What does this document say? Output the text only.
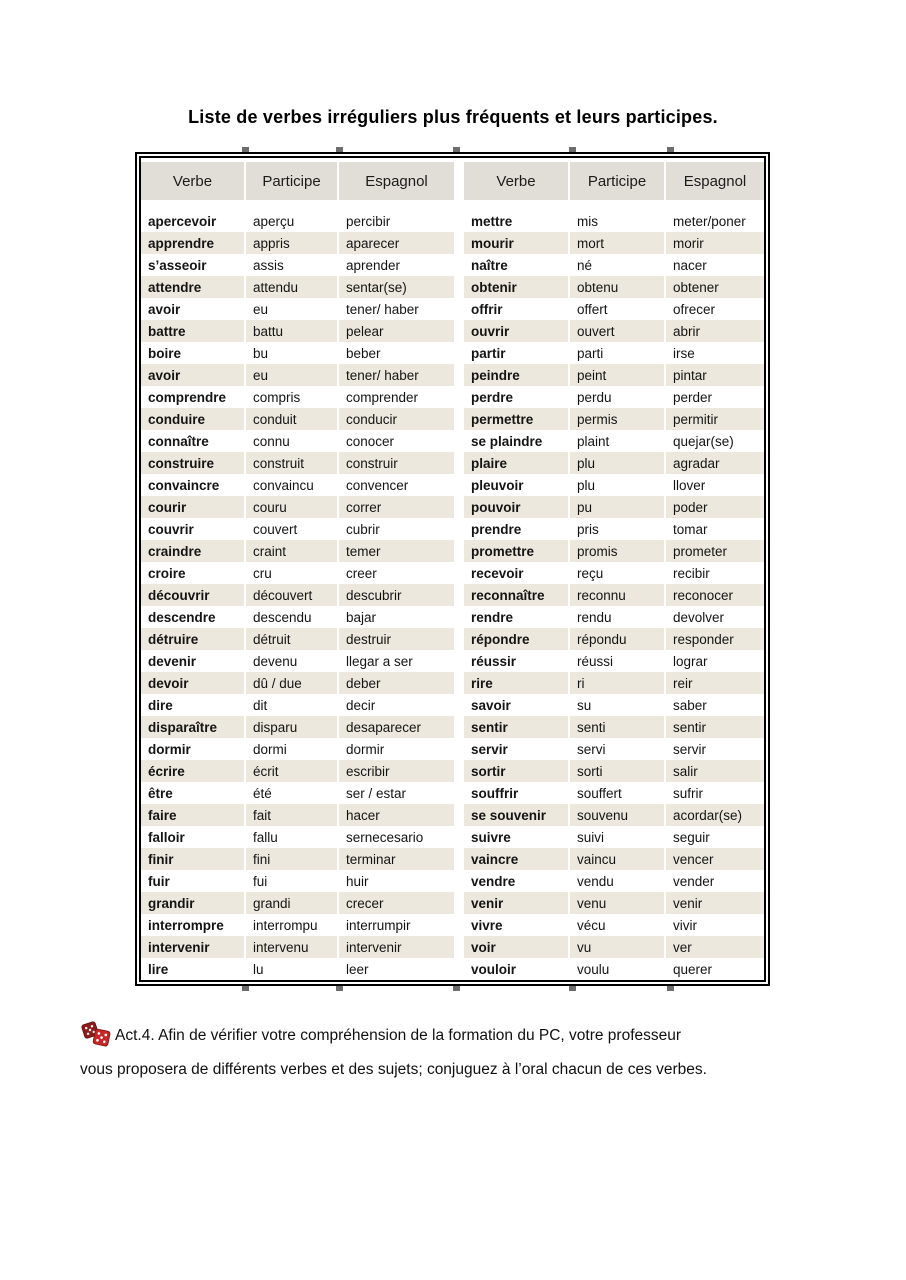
Liste de verbes irréguliers plus fréquents et leurs participes.
Verbe	Participe	Espagnol	Verbe	Participe	Espagnol
apercevoir	aperçu	percibir	mettre	mis	meter/poner
apprendre	appris	aparecer	mourir	mort	morir
s’asseoir	assis	aprender	naître	né	nacer
attendre	attendu	sentar(se)	obtenir	obtenu	obtener
avoir	eu	tener/ haber	offrir	offert	ofrecer
battre	battu	pelear	ouvrir	ouvert	abrir
boire	bu	beber	partir	parti	irse
avoir	eu	tener/ haber	peindre	peint	pintar
comprendre	compris	comprender	perdre	perdu	perder
conduire	conduit	conducir	permettre	permis	permitir
connaître	connu	conocer	se plaindre	plaint	quejar(se)
construire	construit	construir	plaire	plu	agradar
convaincre	convaincu	convencer	pleuvoir	plu	llover
courir	couru	correr	pouvoir	pu	poder
couvrir	couvert	cubrir	prendre	pris	tomar
craindre	craint	temer	promettre	promis	prometer
croire	cru	creer	recevoir	reçu	recibir
découvrir	découvert	descubrir	reconnaître	reconnu	reconocer
descendre	descendu	bajar	rendre	rendu	devolver
détruire	détruit	destruir	répondre	répondu	responder
devenir	devenu	llegar a ser	réussir	réussi	lograr
devoir	dû / due	deber	rire	ri	reir
dire	dit	decir	savoir	su	saber
disparaître	disparu	desaparecer	sentir	senti	sentir
dormir	dormi	dormir	servir	servi	servir
écrire	écrit	escribir	sortir	sorti	salir
être	été	ser / estar	souffrir	souffert	sufrir
faire	fait	hacer	se souvenir	souvenu	acordar(se)
falloir	fallu	sernecesario	suivre	suivi	seguir
finir	fini	terminar	vaincre	vaincu	vencer
fuir	fui	huir	vendre	vendu	vender
grandir	grandi	crecer	venir	venu	venir
interrompre	interrompu	interrumpir	vivre	vécu	vivir
intervenir	intervenu	intervenir	voir	vu	ver
lire	lu	leer	vouloir	voulu	querer

Act.4. Afin de vérifier votre compréhension de la formation du PC, votre professeur
vous proposera de différents verbes et des sujets; conjuguez à l’oral chacun de ces verbes.
